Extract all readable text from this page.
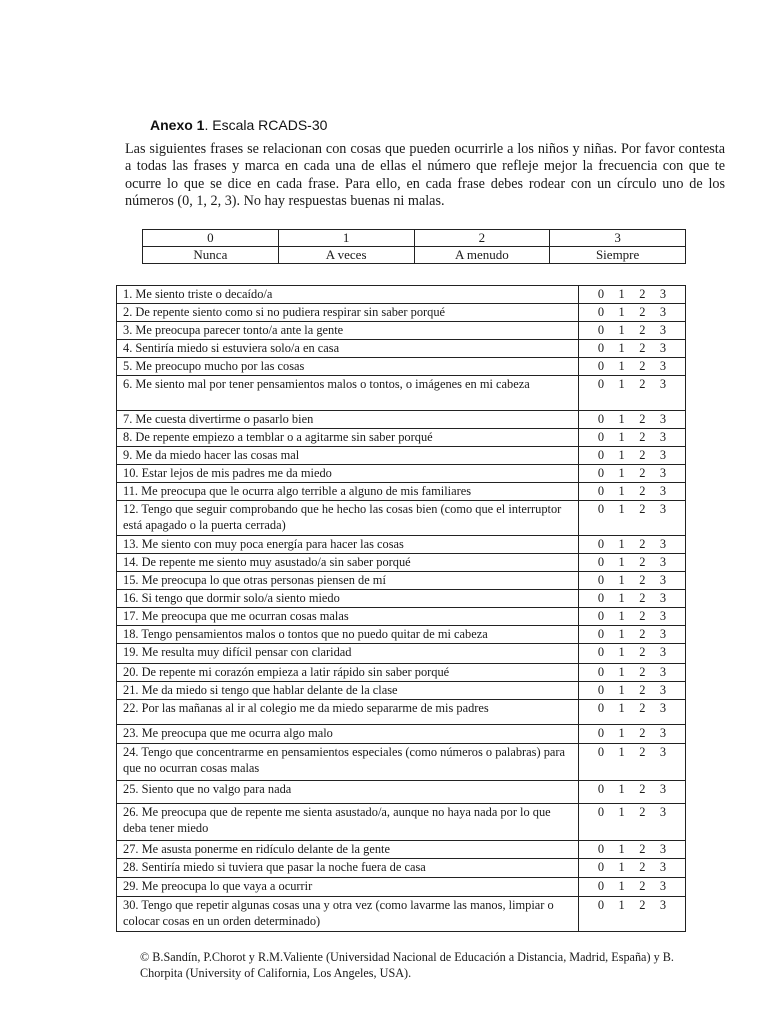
Anexo 1. Escala RCADS-30
Las siguientes frases se relacionan con cosas que pueden ocurrirle a los niños y niñas. Por favor contesta a todas las frases y marca en cada una de ellas el número que refleje mejor la frecuencia con que te ocurre lo que se dice en cada frase. Para ello, en cada frase debes rodear con un círculo uno de los números (0, 1, 2, 3). No hay respuestas buenas ni malas.
0	1	2	3
Nunca	A veces	A menudo	Siempre
1. Me siento triste o decaído/a	0 1 2 3

2. De repente siento como si no pudiera respirar sin saber porqué	0 1 2 3

3. Me preocupa parecer tonto/a ante la gente	0 1 2 3

4. Sentiría miedo si estuviera solo/a en casa	0 1 2 3

5. Me preocupo mucho por las cosas	0 1 2 3

6. Me siento mal por tener pensamientos malos o tontos, o imágenes en mi cabeza	0 1 2 3

7. Me cuesta divertirme o pasarlo bien	0 1 2 3

8. De repente empiezo a temblar o a agitarme sin saber porqué	0 1 2 3

9. Me da miedo hacer las cosas mal	0 1 2 3

10. Estar lejos de mis padres me da miedo	0 1 2 3

11. Me preocupa que le ocurra algo terrible a alguno de mis familiares	0 1 2 3

12. Tengo que seguir comprobando que he hecho las cosas bien (como que el interruptor está apagado o la puerta cerrada)	0 1 2 3

13. Me siento con muy poca energía para hacer las cosas	0 1 2 3

14. De repente me siento muy asustado/a sin saber porqué	0 1 2 3

15. Me preocupa lo que otras personas piensen de mí	0 1 2 3

16. Si tengo que dormir solo/a siento miedo	0 1 2 3

17. Me preocupa que me ocurran cosas malas	0 1 2 3

18. Tengo pensamientos malos o tontos que no puedo quitar de mi cabeza	0 1 2 3

19. Me resulta muy difícil pensar con claridad	0 1 2 3

20. De repente mi corazón empieza a latir rápido sin saber porqué	0 1 2 3

21. Me da miedo si tengo que hablar delante de la clase	0 1 2 3

22. Por las mañanas al ir al colegio me da miedo separarme de mis padres	0 1 2 3

23. Me preocupa que me ocurra algo malo	0 1 2 3

24. Tengo que concentrarme en pensamientos especiales (como números o palabras) para que no ocurran cosas malas	0 1 2 3

25. Siento que no valgo para nada	0 1 2 3

26. Me preocupa que de repente me sienta asustado/a, aunque no haya nada por lo que deba tener miedo	0 1 2 3

27. Me asusta ponerme en ridículo delante de la gente	0 1 2 3

28. Sentiría miedo si tuviera que pasar la noche fuera de casa	0 1 2 3

29. Me preocupa lo que vaya a ocurrir	0 1 2 3

30. Tengo que repetir algunas cosas una y otra vez (como lavarme las manos, limpiar o colocar cosas en un orden determinado)	0 1 2 3
© B.Sandín, P.Chorot y R.M.Valiente (Universidad Nacional de Educación a Distancia, Madrid, España) y B. Chorpita (University of California, Los Angeles, USA).
